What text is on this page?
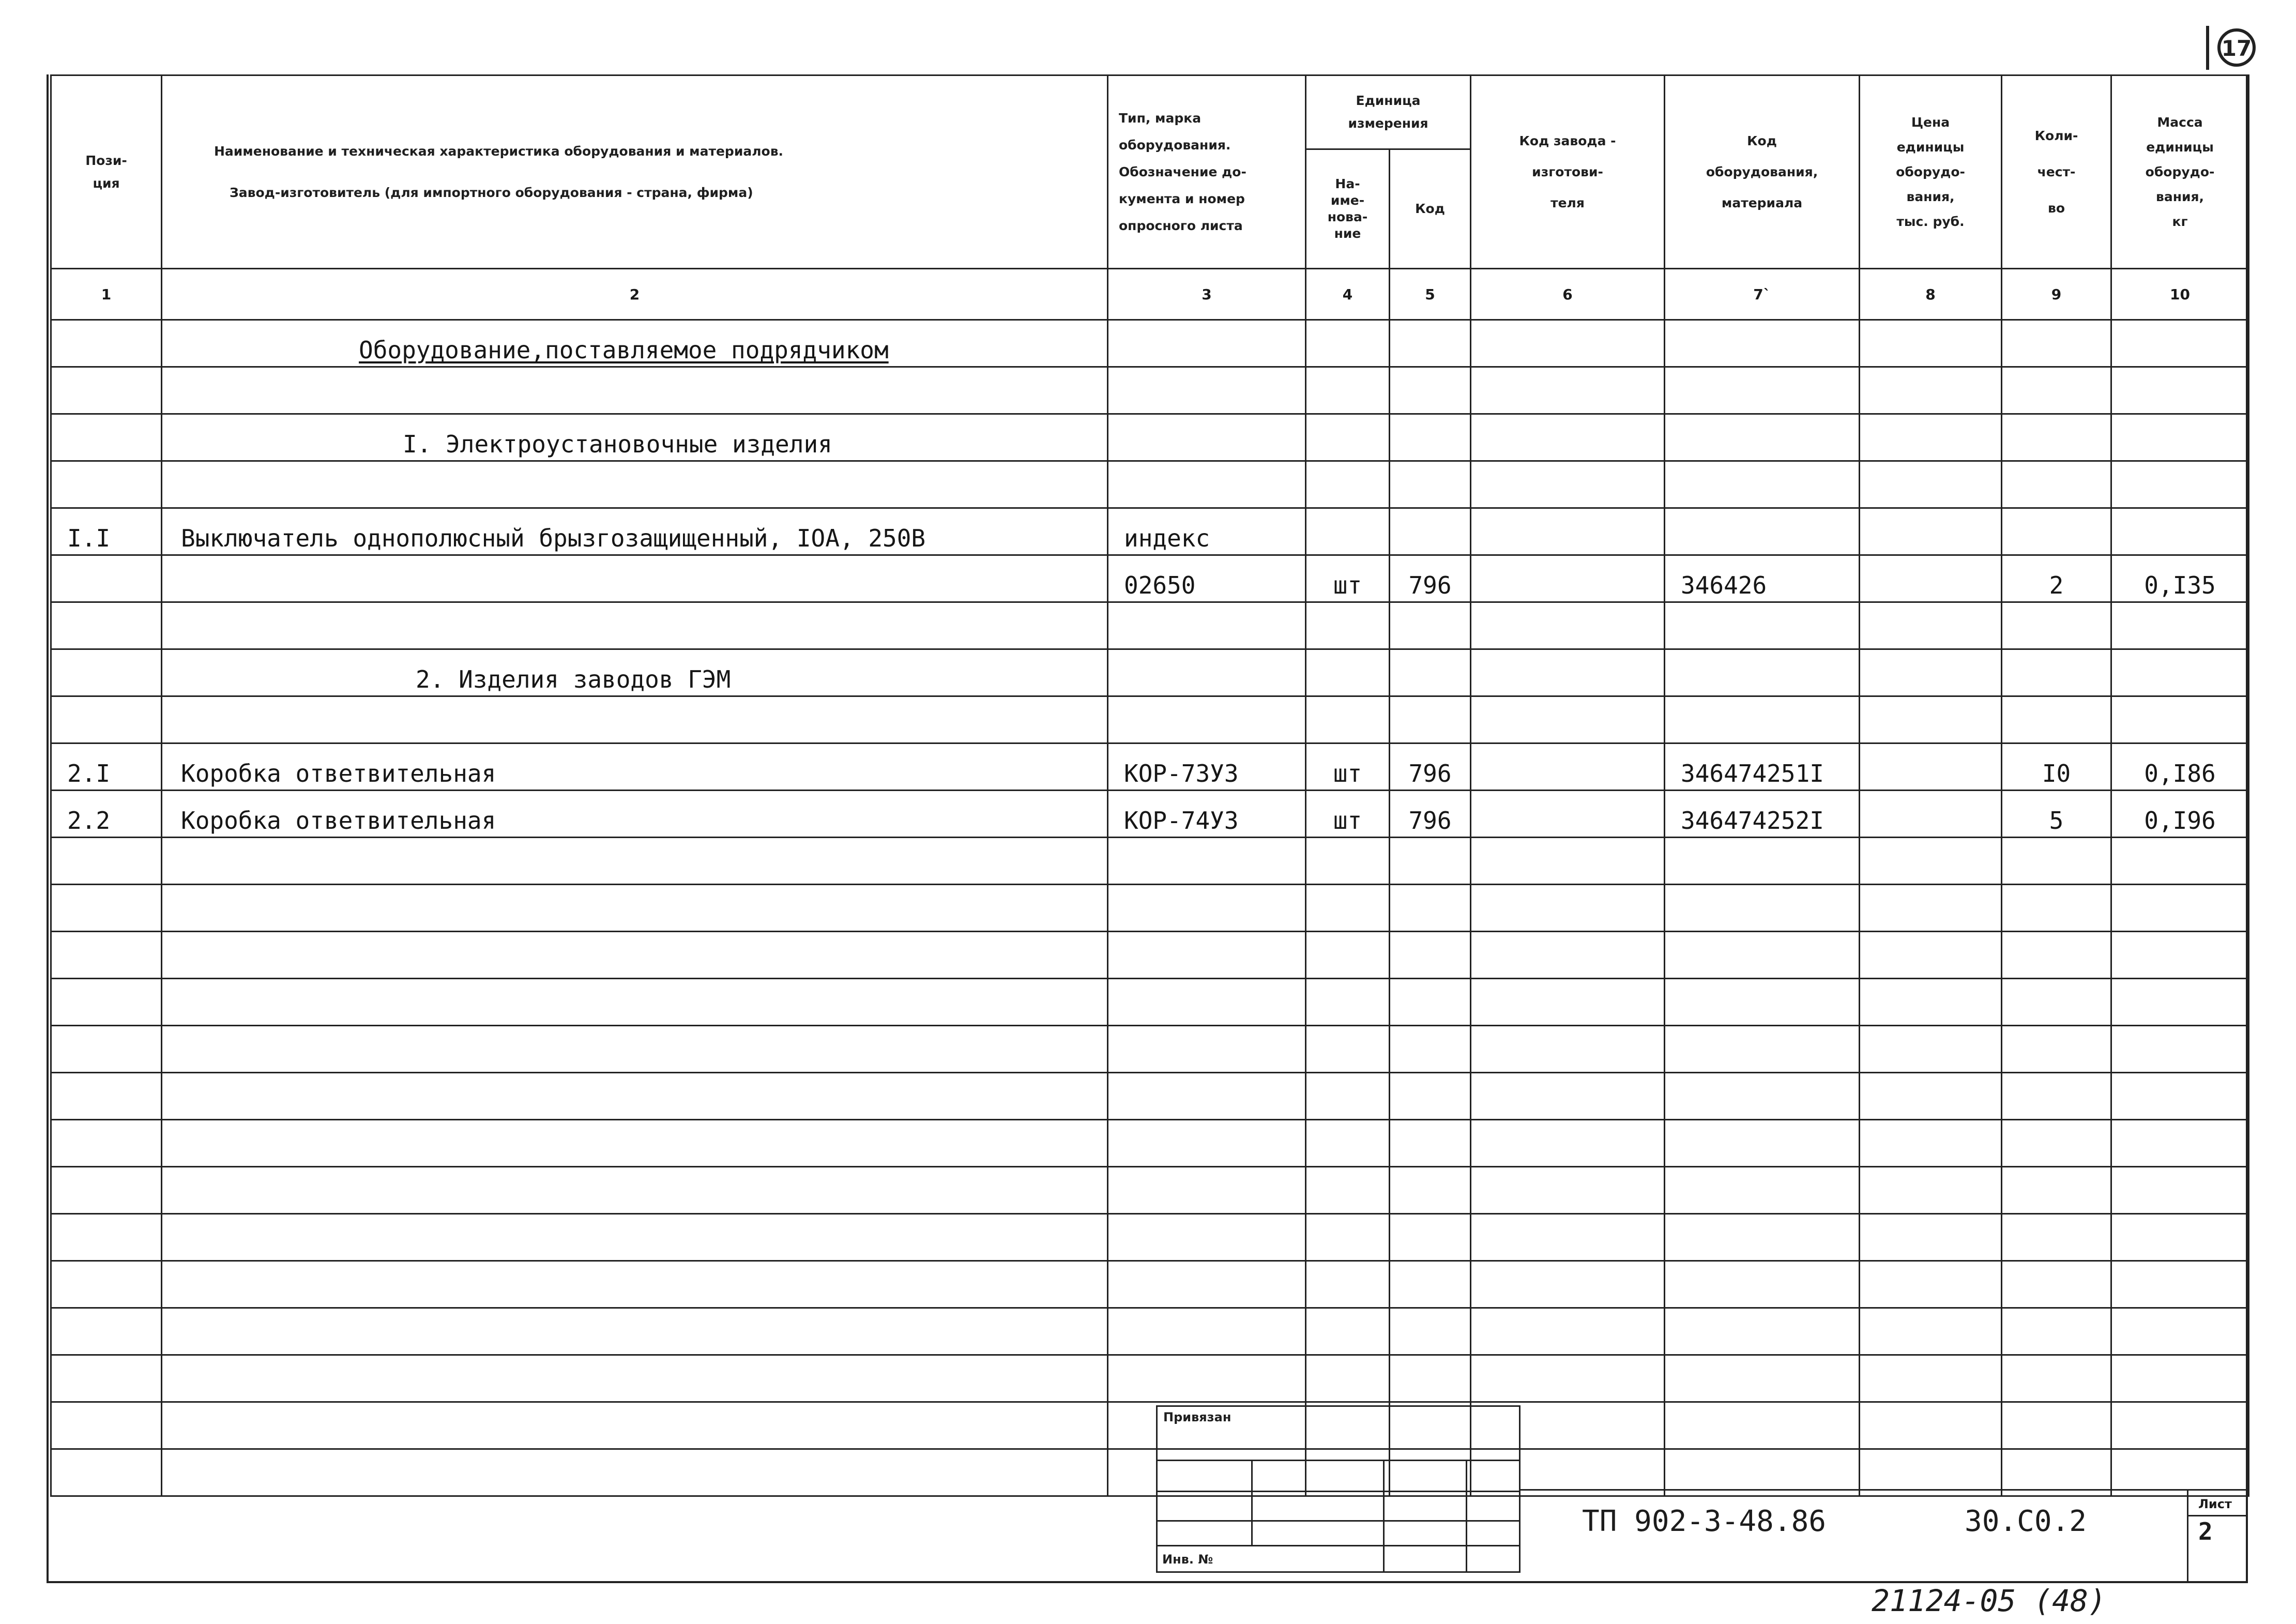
17
Пози-
ция	Наименование и техническая характеристика оборудования и материалов.
Завод-изготовитель (для импортного оборудования - страна, фирма)	Тип, марка
оборудования.
Обозначение до-
кумента и номер
опросного листа	Единица
измерения		Код завода -
изготови-
теля	Код
оборудования,
материала	Цена
единицы
оборудо-
вания,
тыс. руб.	Коли-
чест-
во	Масса
единицы
оборудо-
вания,
кг
			На-
име-
нова-
ние	Код					
1	2	3	4	5	6	7`	8	9	10
	Оборудование,поставляемое подрядчиком								

	I. Электроустановочные изделия								

I.I	Выключатель однополюсный брызгозащищенный, IOA, 250B	индекс							
		02650	шт	796		346426		2	0,I35

	2. Изделия заводов ГЭМ								

2.I	Коробка ответвительная	КОР-73УЗ	шт	796		346474251I		I0	0,I86
2.2	Коробка ответвительная	КОР-74УЗ	шт	796		346474252I		5	0,I96

Привязан
Инв. №
ТП 902-3-48.86	30.С0.2
Лист
2
21124-05 (48)
